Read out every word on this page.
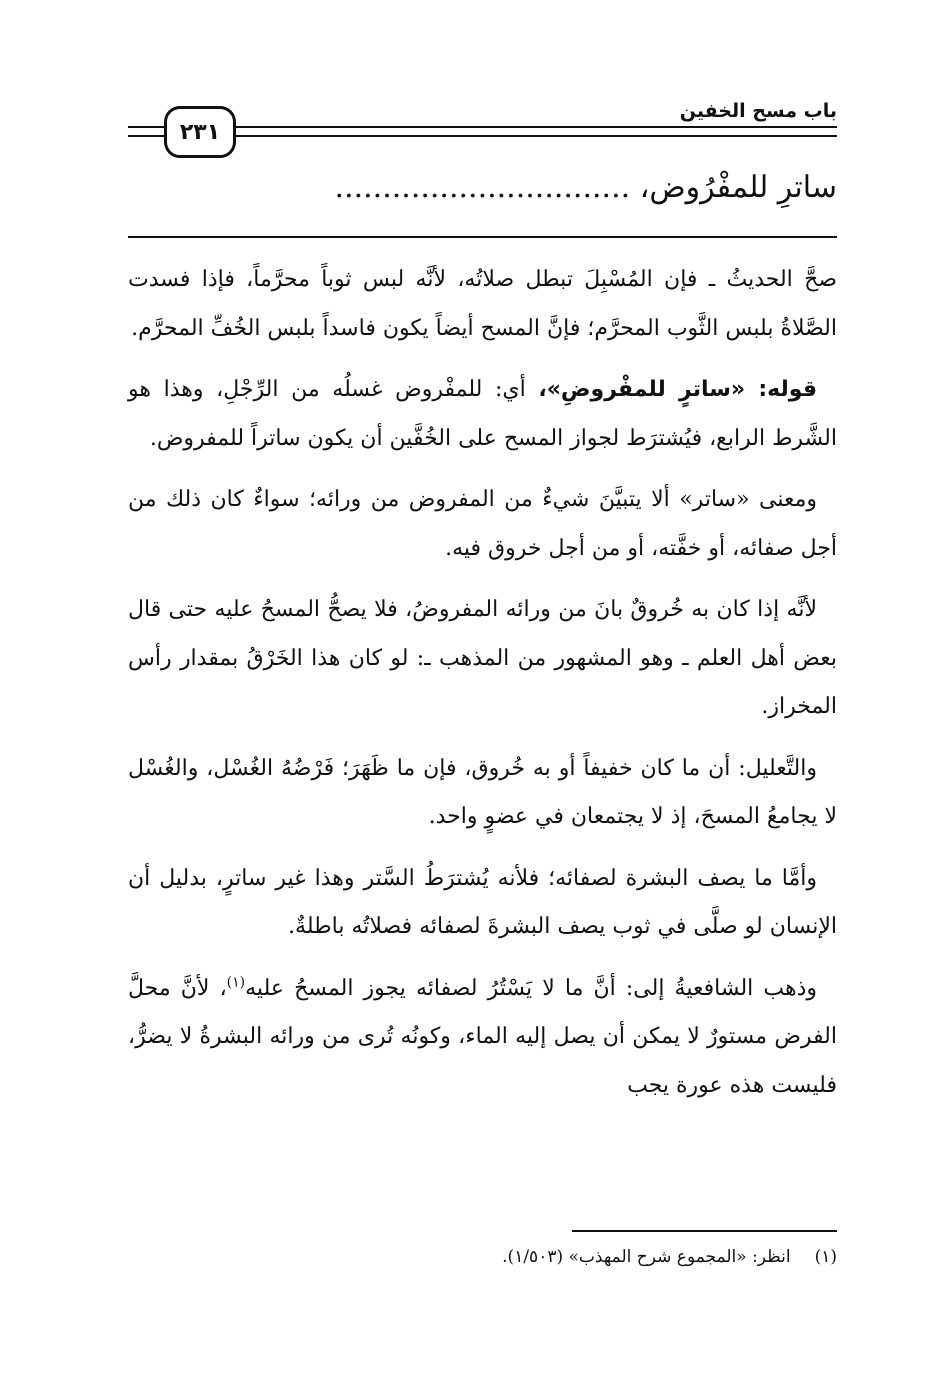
٢٣١
باب مسح الخفين
ساترٍ للمفْرُوضِ، ...............................

صحَّ الحديثُ ـ فإن المُسْبِلَ تبطل صلاتُه، لأنَّه لبس ثوباً محرَّماً، فإذا فسدت الصَّلاةُ بلبس الثَّوب المحرَّم؛ فإنَّ المسح أيضاً يكون فاسداً بلبس الخُفِّ المحرَّم.

قوله: «ساترٍ للمفْروضِ»، أي: للمفْروض غسلُه من الرِّجْلِ، وهذا هو الشَّرط الرابع، فيُشترَط لجواز المسح على الخُفَّين أن يكون ساتراً للمفروض.

ومعنى «ساتر» ألا يتبيَّنَ شيءٌ من المفروض من ورائه؛ سواءٌ كان ذلك من أجل صفائه، أو خفَّته، أو من أجل خروق فيه.

لأنَّه إذا كان به خُروقٌ بانَ من ورائه المفروضُ، فلا يصحُّ المسحُ عليه حتى قال بعض أهل العلم ـ وهو المشهور من المذهب ـ: لو كان هذا الخَرْقُ بمقدار رأس المخراز.

والتَّعليل: أن ما كان خفيفاً أو به خُروق، فإن ما ظَهَرَ؛ فَرْضُهُ الغُسْل، والغُسْل لا يجامعُ المسحَ، إذ لا يجتمعان في عضوٍ واحد.

وأمَّا ما يصف البشرة لصفائه؛ فلأنه يُشترَطُ السَّتر وهذا غير ساترٍ، بدليل أن الإنسان لو صلَّى في ثوب يصف البشرةَ لصفائه فصلاتُه باطلةٌ.

وذهب الشافعيةُ إلى: أنَّ ما لا يَسْتُرُ لصفائه يجوز المسحُ عليه$^{(١)}$، لأنَّ محلَّ الفرض مستورٌ لا يمكن أن يصل إليه الماء، وكونُه تُرى من ورائه البشرةُ لا يضرُّ، فليست هذه عورة يجب

(١)انظر: «المجموع شرح المهذب» (١/٥٠٣).
